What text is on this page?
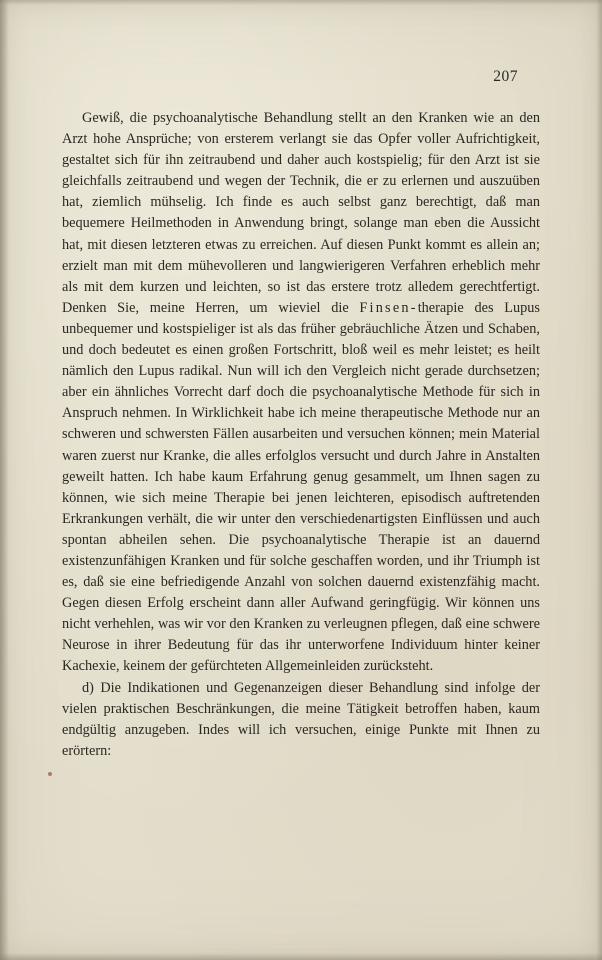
207

Gewiß, die psychoanalytische Behandlung stellt an den Kranken wie an den Arzt hohe Ansprüche; von ersterem verlangt sie das Opfer voller Aufrichtigkeit, gestaltet sich für ihn zeitraubend und daher auch kostspielig; für den Arzt ist sie gleichfalls zeitraubend und wegen der Technik, die er zu erlernen und auszuüben hat, ziemlich mühselig. Ich finde es auch selbst ganz berechtigt, daß man bequemere Heilmethoden in Anwendung bringt, solange man eben die Aussicht hat, mit diesen letzteren etwas zu erreichen. Auf diesen Punkt kommt es allein an; erzielt man mit dem mühevolleren und langwierigeren Verfahren erheblich mehr als mit dem kurzen und leichten, so ist das erstere trotz alledem gerechtfertigt. Denken Sie, meine Herren, um wieviel die Finsen-therapie des Lupus unbequemer und kostspieliger ist als das früher gebräuchliche Ätzen und Schaben, und doch bedeutet es einen großen Fortschritt, bloß weil es mehr leistet; es heilt nämlich den Lupus radikal. Nun will ich den Vergleich nicht gerade durchsetzen; aber ein ähnliches Vorrecht darf doch die psychoanalytische Methode für sich in Anspruch nehmen. In Wirklichkeit habe ich meine therapeutische Methode nur an schweren und schwersten Fällen ausarbeiten und versuchen können; mein Material waren zuerst nur Kranke, die alles erfolglos versucht und durch Jahre in Anstalten geweilt hatten. Ich habe kaum Erfahrung genug gesammelt, um Ihnen sagen zu können, wie sich meine Therapie bei jenen leichteren, episodisch auftretenden Erkrankungen verhält, die wir unter den verschiedenartigsten Einflüssen und auch spontan abheilen sehen. Die psychoanalytische Therapie ist an dauernd existenzunfähigen Kranken und für solche geschaffen worden, und ihr Triumph ist es, daß sie eine befriedigende Anzahl von solchen dauernd existenzfähig macht. Gegen diesen Erfolg erscheint dann aller Aufwand geringfügig. Wir können uns nicht verhehlen, was wir vor den Kranken zu verleugnen pflegen, daß eine schwere Neurose in ihrer Bedeutung für das ihr unterworfene Individuum hinter keiner Kachexie, keinem der gefürchteten Allgemeinleiden zurücksteht.

d) Die Indikationen und Gegenanzeigen dieser Behandlung sind infolge der vielen praktischen Beschränkungen, die meine Tätigkeit betroffen haben, kaum endgültig anzugeben. Indes will ich versuchen, einige Punkte mit Ihnen zu erörtern:
